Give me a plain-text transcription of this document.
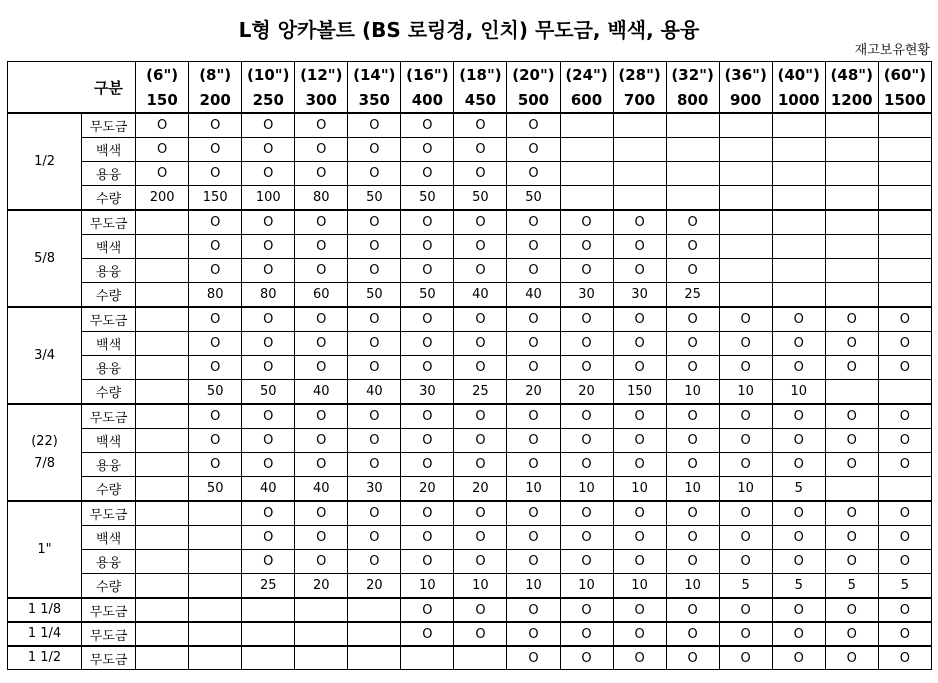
L형 앙카볼트 (BS 로링경, 인치) 무도금, 백색, 용융
재고보유현황
	구분	(6")	(8")	(10")	(12")	(14")	(16")	(18")	(20")	(24")	(28")	(32")	(36")	(40")	(48")	(60")
		150	200	250	300	350	400	450	500	600	700	800	900	1000	1200	1500

1/2	무도금	O	O	O	O	O	O	O	O							
	백색	O	O	O	O	O	O	O	O							
	용융	O	O	O	O	O	O	O	O							
	수량	200	150	100	80	50	50	50	50							

5/8	무도금		O	O	O	O	O	O	O	O	O	O				
	백색		O	O	O	O	O	O	O	O	O	O				
	용융		O	O	O	O	O	O	O	O	O	O				
	수량		80	80	60	50	50	40	40	30	30	25				

3/4	무도금		O	O	O	O	O	O	O	O	O	O	O	O	O	O
	백색		O	O	O	O	O	O	O	O	O	O	O	O	O	O
	용융		O	O	O	O	O	O	O	O	O	O	O	O	O	O
	수량		50	50	40	40	30	25	20	20	150	10	10	10		

(22)
7/8	무도금		O	O	O	O	O	O	O	O	O	O	O	O	O	O
	백색		O	O	O	O	O	O	O	O	O	O	O	O	O	O
	용융		O	O	O	O	O	O	O	O	O	O	O	O	O	O
	수량		50	40	40	30	20	20	10	10	10	10	10	5		

1"	무도금			O	O	O	O	O	O	O	O	O	O	O	O	O
	백색			O	O	O	O	O	O	O	O	O	O	O	O	O
	용융			O	O	O	O	O	O	O	O	O	O	O	O	O
	수량			25	20	20	10	10	10	10	10	10	5	5	5	5

1 1/8	무도금						O	O	O	O	O	O	O	O	O	O

1 1/4	무도금						O	O	O	O	O	O	O	O	O	O

1 1/2	무도금								O	O	O	O	O	O	O	O
